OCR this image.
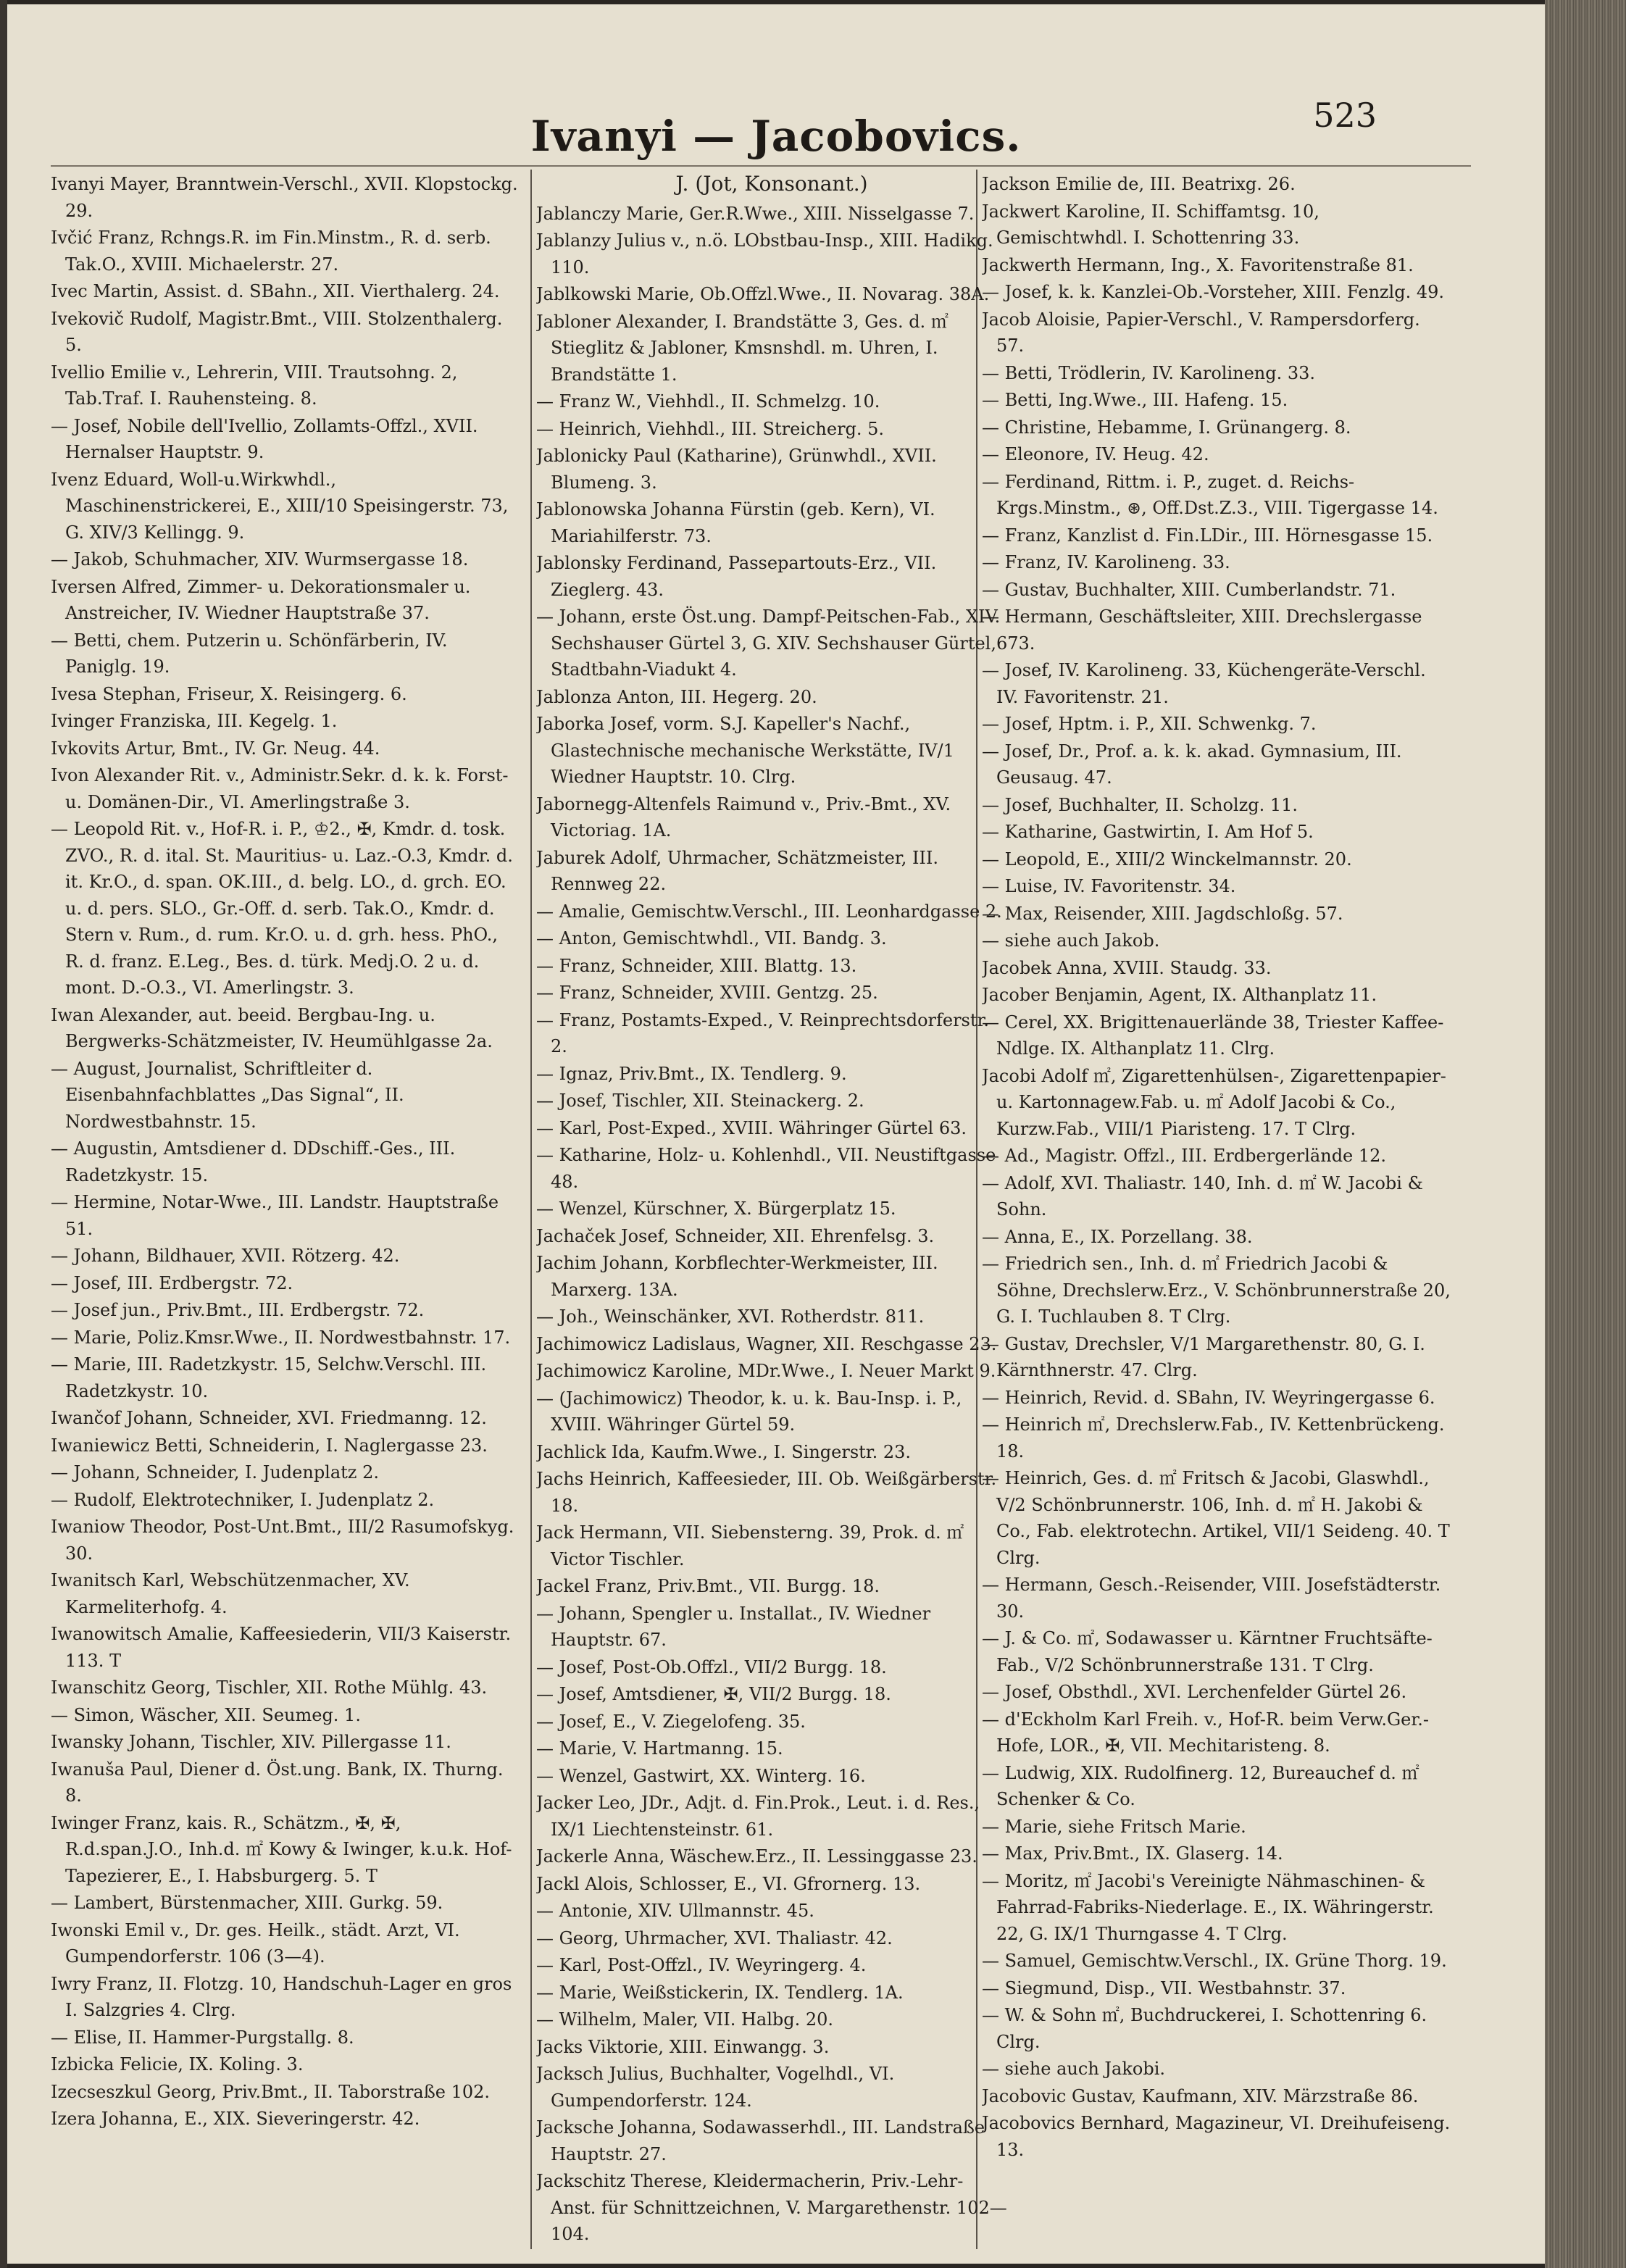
Ivanyi — Jacobovics.	523
Ivanyi Mayer, Branntwein-Verschl., XVII. Klopstockg. 29.
Ivčić Franz, Rchngs.R. im Fin.Minstm., R. d. serb. Tak.O., XVIII. Michaelerstr. 27.
Ivec Martin, Assist. d. SBahn., XII. Vierthalerg. 24.
Ivekovič Rudolf, Magistr.Bmt., VIII. Stolzenthalerg. 5.
Ivellio Emilie v., Lehrerin, VIII. Trautsohng. 2, Tab.Traf. I. Rauhensteing. 8.
— Josef, Nobile dell'Ivellio, Zollamts-Offzl., XVII. Hernalser Hauptstr. 9.
Ivenz Eduard, Woll-u.Wirkwhdl., Maschinenstrickerei, E., XIII/10 Speisingerstr. 73, G. XIV/3 Kellingg. 9.
— Jakob, Schuhmacher, XIV. Wurmsergasse 18.
Iversen Alfred, Zimmer- u. Dekorationsmaler u. Anstreicher, IV. Wiedner Hauptstraße 37.
— Betti, chem. Putzerin u. Schönfärberin, IV. Paniglg. 19.
Ivesa Stephan, Friseur, X. Reisingerg. 6.
Ivinger Franziska, III. Kegelg. 1.
Ivkovits Artur, Bmt., IV. Gr. Neug. 44.
Ivon Alexander Rit. v., Administr.Sekr. d. k. k. Forst- u. Domänen-Dir., VI. Amerlingstraße 3.
— Leopold Rit. v., Hof-R. i. P., ♔2., ✠, Kmdr. d. tosk. ZVO., R. d. ital. St. Mauritius- u. Laz.-O.3, Kmdr. d. it. Kr.O., d. span. OK.III., d. belg. LO., d. grch. EO. u. d. pers. SLO., Gr.-Off. d. serb. Tak.O., Kmdr. d. Stern v. Rum., d. rum. Kr.O. u. d. grh. hess. PhO., R. d. franz. E.Leg., Bes. d. türk. Medj.O. 2 u. d. mont. D.-O.3., VI. Amerlingstr. 3.
Iwan Alexander, aut. beeid. Bergbau-Ing. u. Bergwerks-Schätzmeister, IV. Heumühlgasse 2a.
— August, Journalist, Schriftleiter d. Eisenbahnfachblattes „Das Signal“, II. Nordwestbahnstr. 15.
— Augustin, Amtsdiener d. DDschiff.-Ges., III. Radetzkystr. 15.
— Hermine, Notar-Wwe., III. Landstr. Hauptstraße 51.
— Johann, Bildhauer, XVII. Rötzerg. 42.
— Josef, III. Erdbergstr. 72.
— Josef jun., Priv.Bmt., III. Erdbergstr. 72.
— Marie, Poliz.Kmsr.Wwe., II. Nordwestbahnstr. 17.
— Marie, III. Radetzkystr. 15, Selchw.Verschl. III. Radetzkystr. 10.
Iwančof Johann, Schneider, XVI. Friedmanng. 12.
Iwaniewicz Betti, Schneiderin, I. Naglergasse 23.
— Johann, Schneider, I. Judenplatz 2.
— Rudolf, Elektrotechniker, I. Judenplatz 2.
Iwaniow Theodor, Post-Unt.Bmt., III/2 Rasumofskyg. 30.
Iwanitsch Karl, Webschützenmacher, XV. Karmeliterhofg. 4.
Iwanowitsch Amalie, Kaffeesiederin, VII/3 Kaiserstr. 113. T
Iwanschitz Georg, Tischler, XII. Rothe Mühlg. 43.
— Simon, Wäscher, XII. Seumeg. 1.
Iwansky Johann, Tischler, XIV. Pillergasse 11.
Iwanuša Paul, Diener d. Öst.ung. Bank, IX. Thurng. 8.
Iwinger Franz, kais. R., Schätzm., ✠, ✠, R.d.span.J.O., Inh.d. ㎡ Kowy & Iwinger, k.u.k. Hof-Tapezierer, E., I. Habsburgerg. 5. T
— Lambert, Bürstenmacher, XIII. Gurkg. 59.
Iwonski Emil v., Dr. ges. Heilk., städt. Arzt, VI. Gumpendorferstr. 106 (3—4).
Iwry Franz, II. Flotzg. 10, Handschuh-Lager en gros I. Salzgries 4. Clrg.
— Elise, II. Hammer-Purgstallg. 8.
Izbicka Felicie, IX. Koling. 3.
Izecseszkul Georg, Priv.Bmt., II. Taborstraße 102.
Izera Johanna, E., XIX. Sieveringerstr. 42.
J. (Jot, Konsonant.)
Jablanczy Marie, Ger.R.Wwe., XIII. Nisselgasse 7.
Jablanzy Julius v., n.ö. LObstbau-Insp., XIII. Hadikg. 110.
Jablkowski Marie, Ob.Offzl.Wwe., II. Novarag. 38A.
Jabloner Alexander, I. Brandstätte 3, Ges. d. ㎡ Stieglitz & Jabloner, Kmsnshdl. m. Uhren, I. Brandstätte 1.
— Franz W., Viehhdl., II. Schmelzg. 10.
— Heinrich, Viehhdl., III. Streicherg. 5.
Jablonicky Paul (Katharine), Grünwhdl., XVII. Blumeng. 3.
Jablonowska Johanna Fürstin (geb. Kern), VI. Mariahilferstr. 73.
Jablonsky Ferdinand, Passepartouts-Erz., VII. Zieglerg. 43.
— Johann, erste Öst.ung. Dampf-Peitschen-Fab., XIV. Sechshauser Gürtel 3, G. XIV. Sechshauser Gürtel, Stadtbahn-Viadukt 4.
Jablonza Anton, III. Hegerg. 20.
Jaborka Josef, vorm. S.J. Kapeller's Nachf., Glastechnische mechanische Werkstätte, IV/1 Wiedner Hauptstr. 10. Clrg.
Jabornegg-Altenfels Raimund v., Priv.-Bmt., XV. Victoriag. 1A.
Jaburek Adolf, Uhrmacher, Schätzmeister, III. Rennweg 22.
— Amalie, Gemischtw.Verschl., III. Leonhardgasse 2.
— Anton, Gemischtwhdl., VII. Bandg. 3.
— Franz, Schneider, XIII. Blattg. 13.
— Franz, Schneider, XVIII. Gentzg. 25.
— Franz, Postamts-Exped., V. Reinprechtsdorferstr. 2.
— Ignaz, Priv.Bmt., IX. Tendlerg. 9.
— Josef, Tischler, XII. Steinackerg. 2.
— Karl, Post-Exped., XVIII. Währinger Gürtel 63.
— Katharine, Holz- u. Kohlenhdl., VII. Neustiftgasse 48.
— Wenzel, Kürschner, X. Bürgerplatz 15.
Jachaček Josef, Schneider, XII. Ehrenfelsg. 3.
Jachim Johann, Korbflechter-Werkmeister, III. Marxerg. 13A.
— Joh., Weinschänker, XVI. Rotherdstr. 811.
Jachimowicz Ladislaus, Wagner, XII. Reschgasse 23.
Jachimowicz Karoline, MDr.Wwe., I. Neuer Markt 9.
— (Jachimowicz) Theodor, k. u. k. Bau-Insp. i. P., XVIII. Währinger Gürtel 59.
Jachlick Ida, Kaufm.Wwe., I. Singerstr. 23.
Jachs Heinrich, Kaffeesieder, III. Ob. Weißgärberstr. 18.
Jack Hermann, VII. Siebensterng. 39, Prok. d. ㎡ Victor Tischler.
Jackel Franz, Priv.Bmt., VII. Burgg. 18.
— Johann, Spengler u. Installat., IV. Wiedner Hauptstr. 67.
— Josef, Post-Ob.Offzl., VII/2 Burgg. 18.
— Josef, Amtsdiener, ✠, VII/2 Burgg. 18.
— Josef, E., V. Ziegelofeng. 35.
— Marie, V. Hartmanng. 15.
— Wenzel, Gastwirt, XX. Winterg. 16.
Jacker Leo, JDr., Adjt. d. Fin.Prok., Leut. i. d. Res., IX/1 Liechtensteinstr. 61.
Jackerle Anna, Wäschew.Erz., II. Lessinggasse 23.
Jackl Alois, Schlosser, E., VI. Gfrornerg. 13.
— Antonie, XIV. Ullmannstr. 45.
— Georg, Uhrmacher, XVI. Thaliastr. 42.
— Karl, Post-Offzl., IV. Weyringerg. 4.
— Marie, Weißstickerin, IX. Tendlerg. 1A.
— Wilhelm, Maler, VII. Halbg. 20.
Jacks Viktorie, XIII. Einwangg. 3.
Jacksch Julius, Buchhalter, Vogelhdl., VI. Gumpendorferstr. 124.
Jacksche Johanna, Sodawasserhdl., III. Landstraße Hauptstr. 27.
Jackschitz Therese, Kleidermacherin, Priv.-Lehr-Anst. für Schnittzeichnen, V. Margarethenstr. 102—104.
Jackson Emilie de, III. Beatrixg. 26.
Jackwert Karoline, II. Schiffamtsg. 10, Gemischtwhdl. I. Schottenring 33.
Jackwerth Hermann, Ing., X. Favoritenstraße 81.
— Josef, k. k. Kanzlei-Ob.-Vorsteher, XIII. Fenzlg. 49.
Jacob Aloisie, Papier-Verschl., V. Rampersdorferg. 57.
— Betti, Trödlerin, IV. Karolineng. 33.
— Betti, Ing.Wwe., III. Hafeng. 15.
— Christine, Hebamme, I. Grünangerg. 8.
— Eleonore, IV. Heug. 42.
— Ferdinand, Rittm. i. P., zuget. d. Reichs-Krgs.Minstm., ⊛, Off.Dst.Z.3., VIII. Tigergasse 14.
— Franz, Kanzlist d. Fin.LDir., III. Hörnesgasse 15.
— Franz, IV. Karolineng. 33.
— Gustav, Buchhalter, XIII. Cumberlandstr. 71.
— Hermann, Geschäftsleiter, XIII. Drechslergasse 673.
— Josef, IV. Karolineng. 33, Küchengeräte-Verschl. IV. Favoritenstr. 21.
— Josef, Hptm. i. P., XII. Schwenkg. 7.
— Josef, Dr., Prof. a. k. k. akad. Gymnasium, III. Geusaug. 47.
— Josef, Buchhalter, II. Scholzg. 11.
— Katharine, Gastwirtin, I. Am Hof 5.
— Leopold, E., XIII/2 Winckelmannstr. 20.
— Luise, IV. Favoritenstr. 34.
— Max, Reisender, XIII. Jagdschloßg. 57.
— siehe auch Jakob.
Jacobek Anna, XVIII. Staudg. 33.
Jacober Benjamin, Agent, IX. Althanplatz 11.
— Cerel, XX. Brigittenauerlände 38, Triester Kaffee-Ndlge. IX. Althanplatz 11. Clrg.
Jacobi Adolf ㎡, Zigarettenhülsen-, Zigarettenpapier- u. Kartonnagew.Fab. u. ㎡ Adolf Jacobi & Co., Kurzw.Fab., VIII/1 Piaristeng. 17. T Clrg.
— Ad., Magistr. Offzl., III. Erdbergerlände 12.
— Adolf, XVI. Thaliastr. 140, Inh. d. ㎡ W. Jacobi & Sohn.
— Anna, E., IX. Porzellang. 38.
— Friedrich sen., Inh. d. ㎡ Friedrich Jacobi & Söhne, Drechslerw.Erz., V. Schönbrunnerstraße 20, G. I. Tuchlauben 8. T Clrg.
— Gustav, Drechsler, V/1 Margarethenstr. 80, G. I. Kärnthnerstr. 47. Clrg.
— Heinrich, Revid. d. SBahn, IV. Weyringergasse 6.
— Heinrich ㎡, Drechslerw.Fab., IV. Kettenbrückeng. 18.
— Heinrich, Ges. d. ㎡ Fritsch & Jacobi, Glaswhdl., V/2 Schönbrunnerstr. 106, Inh. d. ㎡ H. Jakobi & Co., Fab. elektrotechn. Artikel, VII/1 Seideng. 40. T Clrg.
— Hermann, Gesch.-Reisender, VIII. Josefstädterstr. 30.
— J. & Co. ㎡, Sodawasser u. Kärntner Fruchtsäfte-Fab., V/2 Schönbrunnerstraße 131. T Clrg.
— Josef, Obsthdl., XVI. Lerchenfelder Gürtel 26.
— d'Eckholm Karl Freih. v., Hof-R. beim Verw.Ger.-Hofe, LOR., ✠, VII. Mechitaristeng. 8.
— Ludwig, XIX. Rudolfinerg. 12, Bureauchef d. ㎡ Schenker & Co.
— Marie, siehe Fritsch Marie.
— Max, Priv.Bmt., IX. Glaserg. 14.
— Moritz, ㎡ Jacobi's Vereinigte Nähmaschinen- & Fahrrad-Fabriks-Niederlage. E., IX. Währingerstr. 22, G. IX/1 Thurngasse 4. T Clrg.
— Samuel, Gemischtw.Verschl., IX. Grüne Thorg. 19.
— Siegmund, Disp., VII. Westbahnstr. 37.
— W. & Sohn ㎡, Buchdruckerei, I. Schottenring 6. Clrg.
— siehe auch Jakobi.
Jacobovic Gustav, Kaufmann, XIV. Märzstraße 86.
Jacobovics Bernhard, Magazineur, VI. Dreihufeiseng. 13.
